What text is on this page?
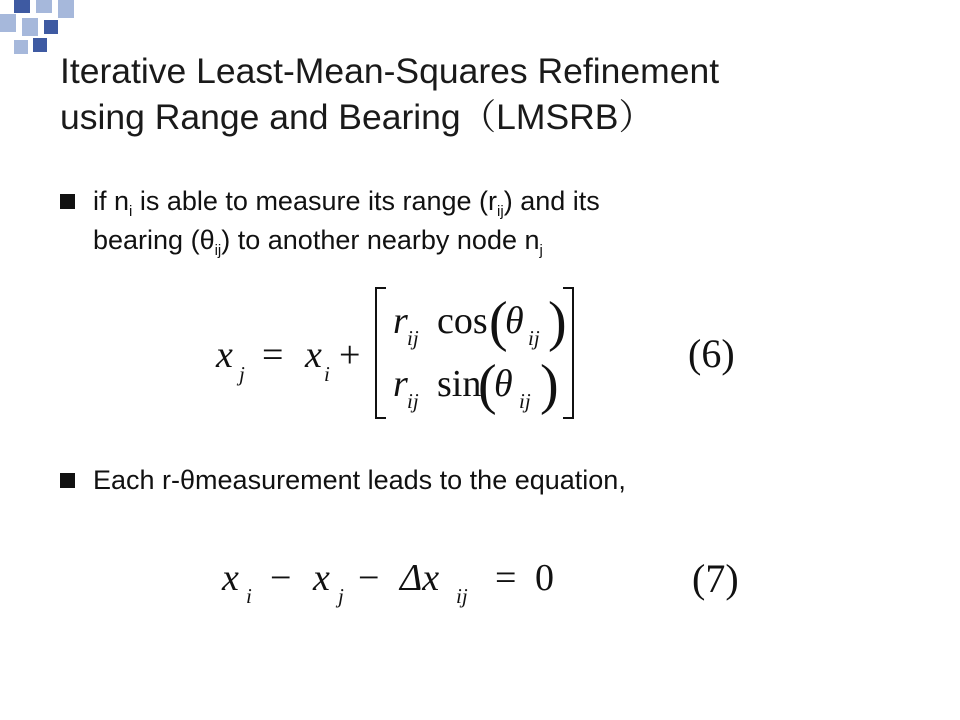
Iterative Least-Mean-Squares Refinement
using Range and Bearing（LMSRB）
if $n_i$ is able to measure its range $(r_{ij})$ and its
bearing $(\theta_{ij})$ to another nearby node $n_j$
x j x i
= +
r ij cos (
θ ij )
r ij sin
(
θ ij )
(6)
Each r-θmeasurement leads to the equation,
x i − x j − Δx ij = 0	(7)
